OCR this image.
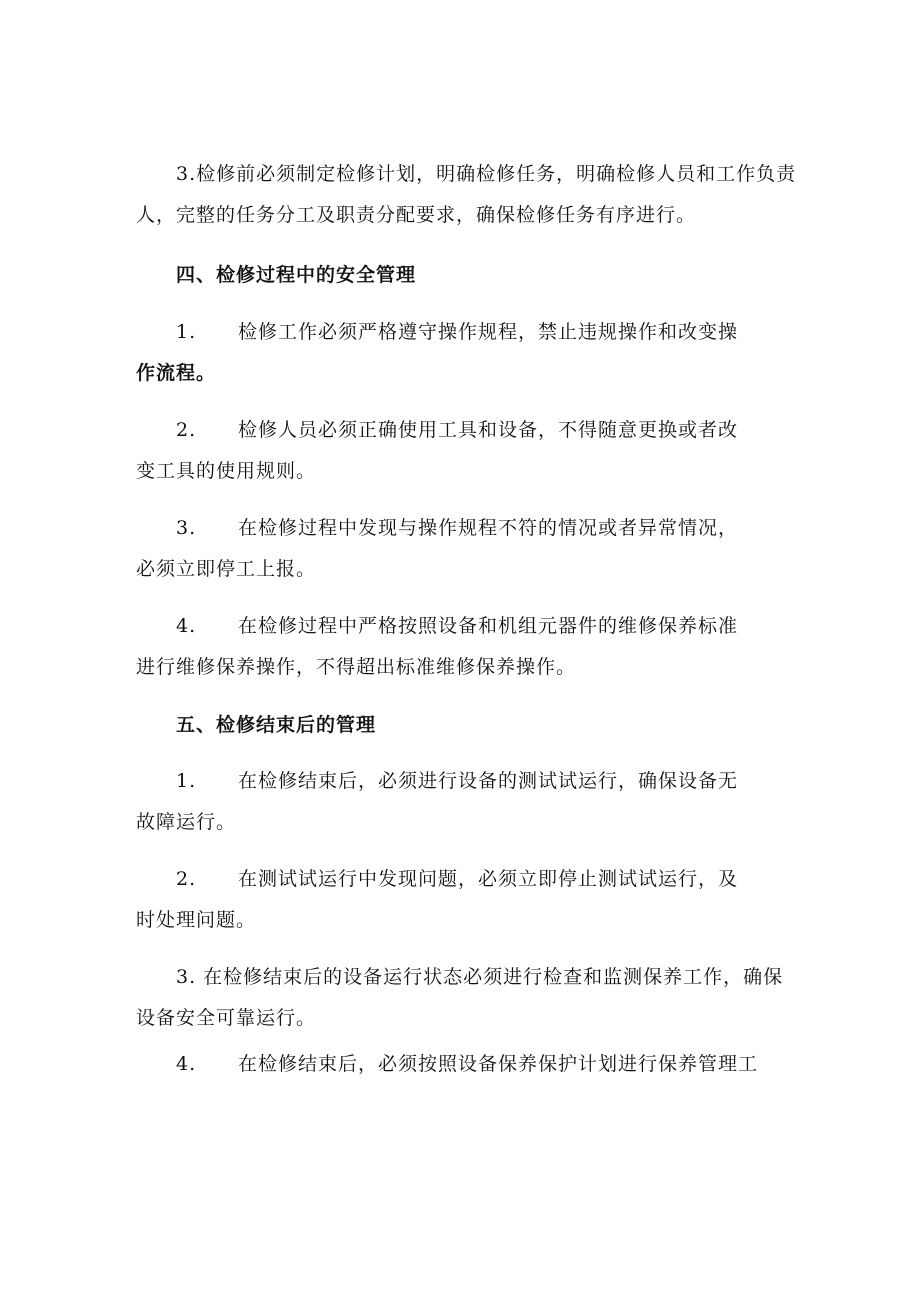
3.检修前必须制定检修计划，明确检修任务，明确检修人员和工作负责
人，完整的任务分工及职责分配要求，确保检修任务有序进行。
四、检修过程中的安全管理
1. 检修工作必须严格遵守操作规程，禁止违规操作和改变操
作流程。
2. 检修人员必须正确使用工具和设备，不得随意更换或者改
变工具的使用规则。
3. 在检修过程中发现与操作规程不符的情况或者异常情况，
必须立即停工上报。
4. 在检修过程中严格按照设备和机组元器件的维修保养标准
进行维修保养操作，不得超出标准维修保养操作。
五、检修结束后的管理
1. 在检修结束后，必须进行设备的测试试运行，确保设备无
故障运行。
2. 在测试试运行中发现问题，必须立即停止测试试运行，及
时处理问题。
3. 在检修结束后的设备运行状态必须进行检查和监测保养工作，确保
设备安全可靠运行。
4. 在检修结束后，必须按照设备保养保护计划进行保养管理工
